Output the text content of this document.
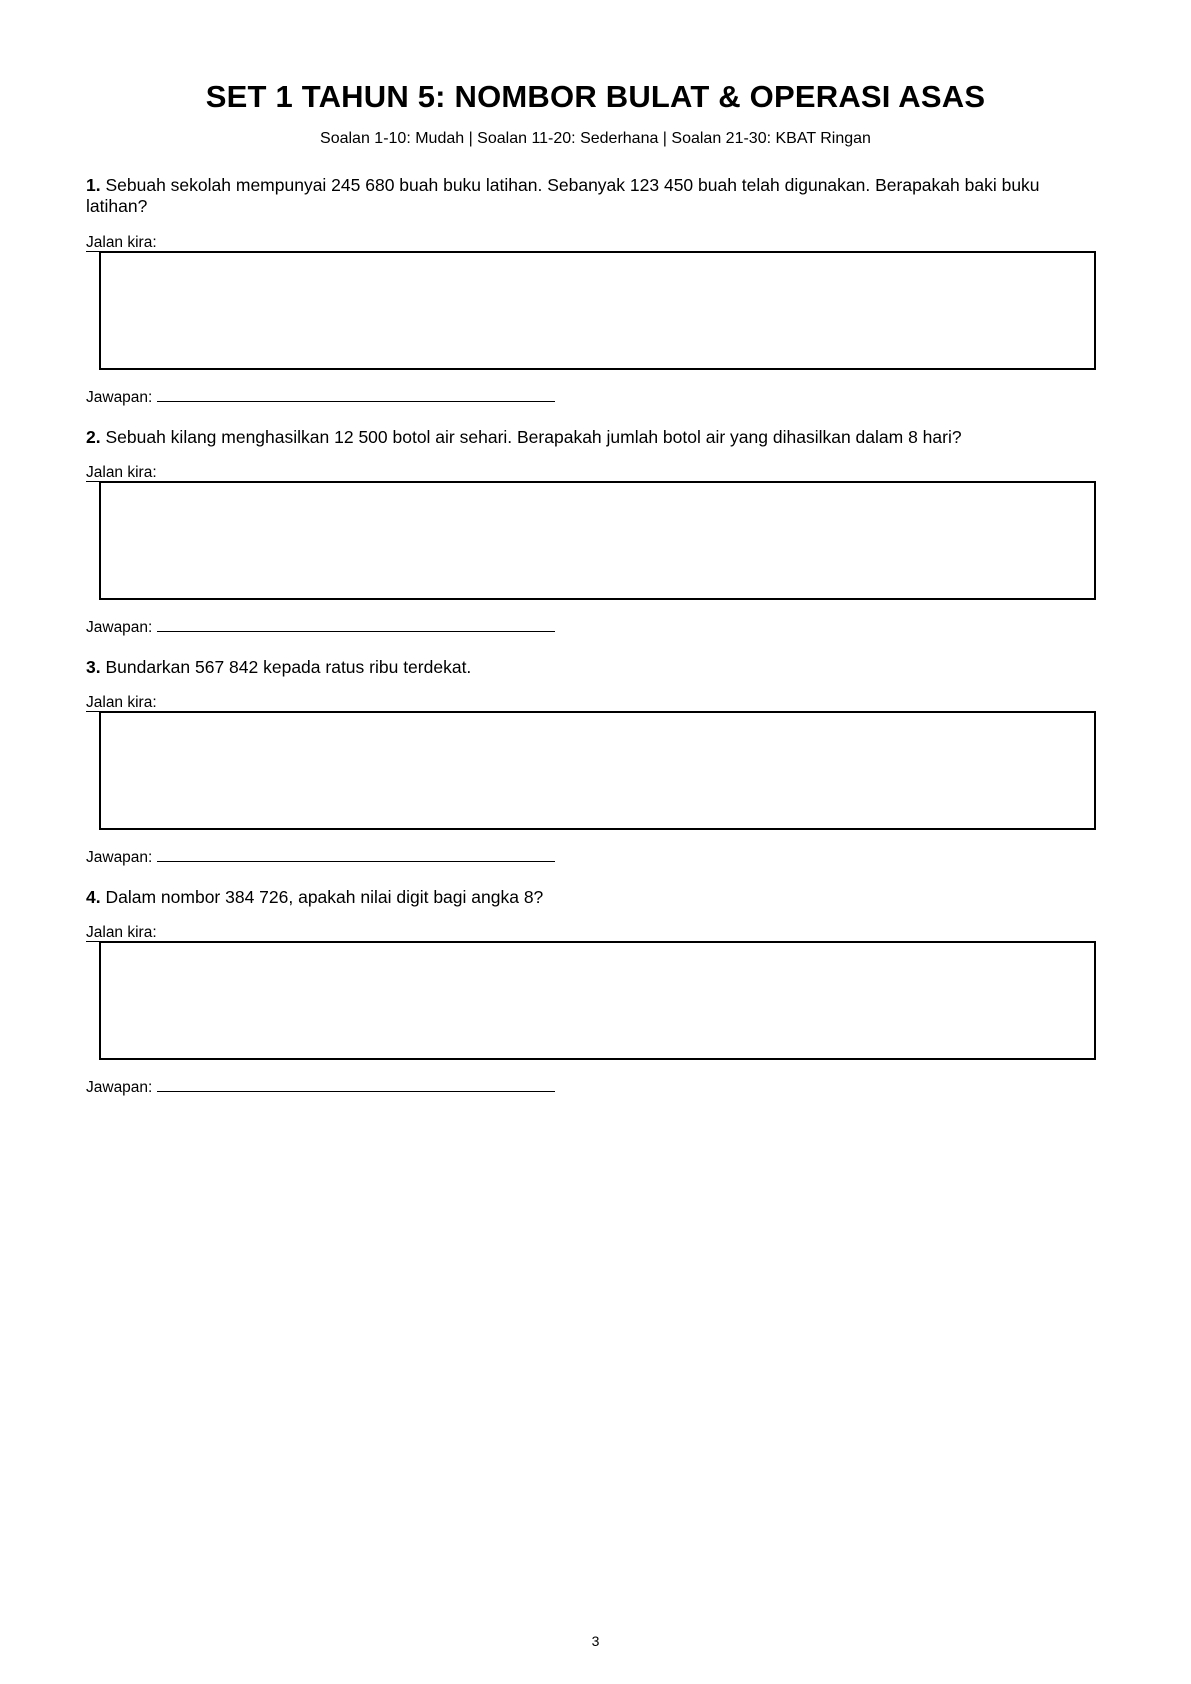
SET 1 TAHUN 5: NOMBOR BULAT & OPERASI ASAS

Soalan 1-10: Mudah | Soalan 11-20: Sederhana | Soalan 21-30: KBAT Ringan

1. Sebuah sekolah mempunyai 245 680 buah buku latihan. Sebanyak 123 450 buah telah digunakan. Berapakah baki buku latihan?

Jalan kira:
Jawapan:

2. Sebuah kilang menghasilkan 12 500 botol air sehari. Berapakah jumlah botol air yang dihasilkan dalam 8 hari?

Jalan kira:
Jawapan:

3. Bundarkan 567 842 kepada ratus ribu terdekat.

Jalan kira:
Jawapan:

4. Dalam nombor 384 726, apakah nilai digit bagi angka 8?

Jalan kira:
Jawapan:
3
